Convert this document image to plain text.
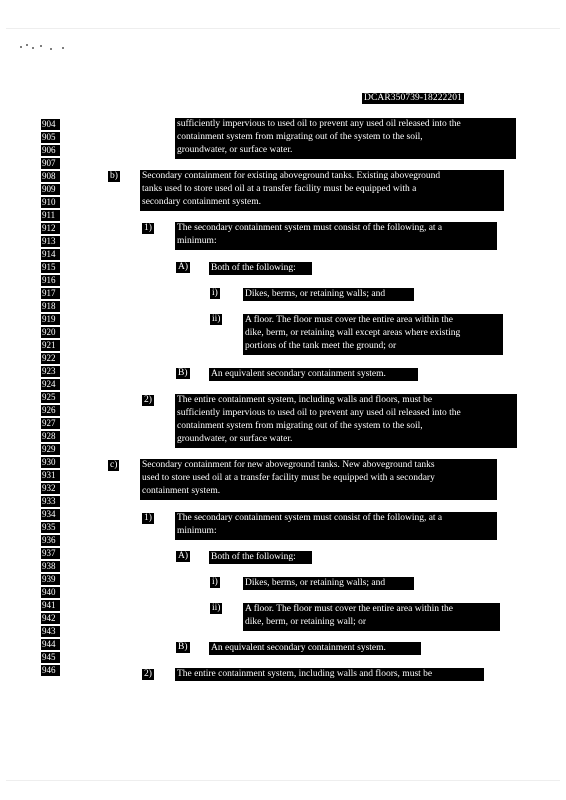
DCAR350739-18222201
904
905
906
907
908
909
910
911
912
913
914
915
916
917
918
919
920
921
922
923
924
925
926
927
928
929
930
931
932
933
934
935
936
937
938
939
940
941
942
943
944
945
946
sufficiently impervious to used oil to prevent any used oil released into the
containment system from migrating out of the system to the soil,
groundwater, or surface water.
b)	Secondary containment for existing aboveground tanks. Existing aboveground
tanks used to store used oil at a transfer facility must be equipped with a
secondary containment system.
1)	The secondary containment system must consist of the following, at a
minimum:
A) Both of the following:
i)	Dikes, berms, or retaining walls; and
ii)	A floor. The floor must cover the entire area within the
dike, berm, or retaining wall except areas where existing
portions of the tank meet the ground; or
B) An equivalent secondary containment system.
2)	The entire containment system, including walls and floors, must be
sufficiently impervious to used oil to prevent any used oil released into the
containment system from migrating out of the system to the soil,
groundwater, or surface water.
c)	Secondary containment for new aboveground tanks. New aboveground tanks
used to store used oil at a transfer facility must be equipped with a secondary
containment system.
1)	The secondary containment system must consist of the following, at a
minimum:
A) Both of the following:
i)	Dikes, berms, or retaining walls; and
ii)	A floor. The floor must cover the entire area within the
dike, berm, or retaining wall; or
B) An equivalent secondary containment system.
2)	The entire containment system, including walls and floors, must be
